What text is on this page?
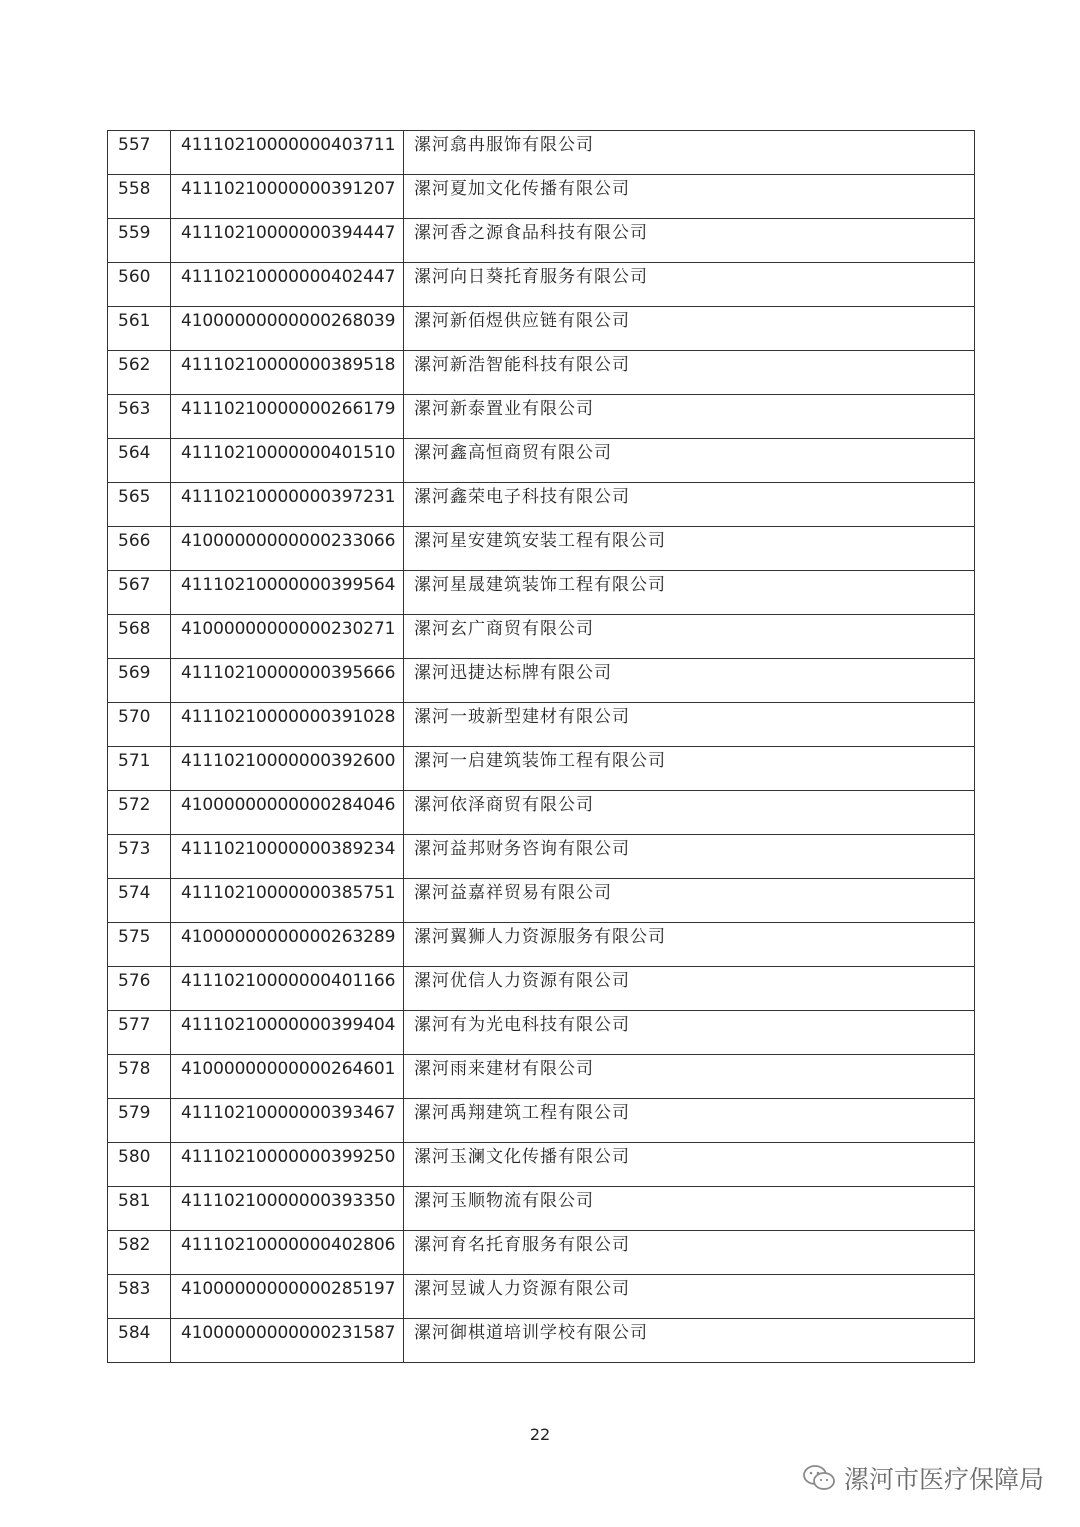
557	41110210000000403711	漯河翕冉服饰有限公司
558	41110210000000391207	漯河夏加文化传播有限公司
559	41110210000000394447	漯河香之源食品科技有限公司
560	41110210000000402447	漯河向日葵托育服务有限公司
561	41000000000000268039	漯河新佰煜供应链有限公司
562	41110210000000389518	漯河新浩智能科技有限公司
563	41110210000000266179	漯河新泰置业有限公司
564	41110210000000401510	漯河鑫高恒商贸有限公司
565	41110210000000397231	漯河鑫荣电子科技有限公司
566	41000000000000233066	漯河星安建筑安装工程有限公司
567	41110210000000399564	漯河星晟建筑装饰工程有限公司
568	41000000000000230271	漯河玄广商贸有限公司
569	41110210000000395666	漯河迅捷达标牌有限公司
570	41110210000000391028	漯河一玻新型建材有限公司
571	41110210000000392600	漯河一启建筑装饰工程有限公司
572	41000000000000284046	漯河依泽商贸有限公司
573	41110210000000389234	漯河益邦财务咨询有限公司
574	41110210000000385751	漯河益嘉祥贸易有限公司
575	41000000000000263289	漯河翼狮人力资源服务有限公司
576	41110210000000401166	漯河优信人力资源有限公司
577	41110210000000399404	漯河有为光电科技有限公司
578	41000000000000264601	漯河雨来建材有限公司
579	41110210000000393467	漯河禹翔建筑工程有限公司
580	41110210000000399250	漯河玉澜文化传播有限公司
581	41110210000000393350	漯河玉顺物流有限公司
582	41110210000000402806	漯河育名托育服务有限公司
583	41000000000000285197	漯河昱诚人力资源有限公司
584	41000000000000231587	漯河御棋道培训学校有限公司
22
漯河市医疗保障局
